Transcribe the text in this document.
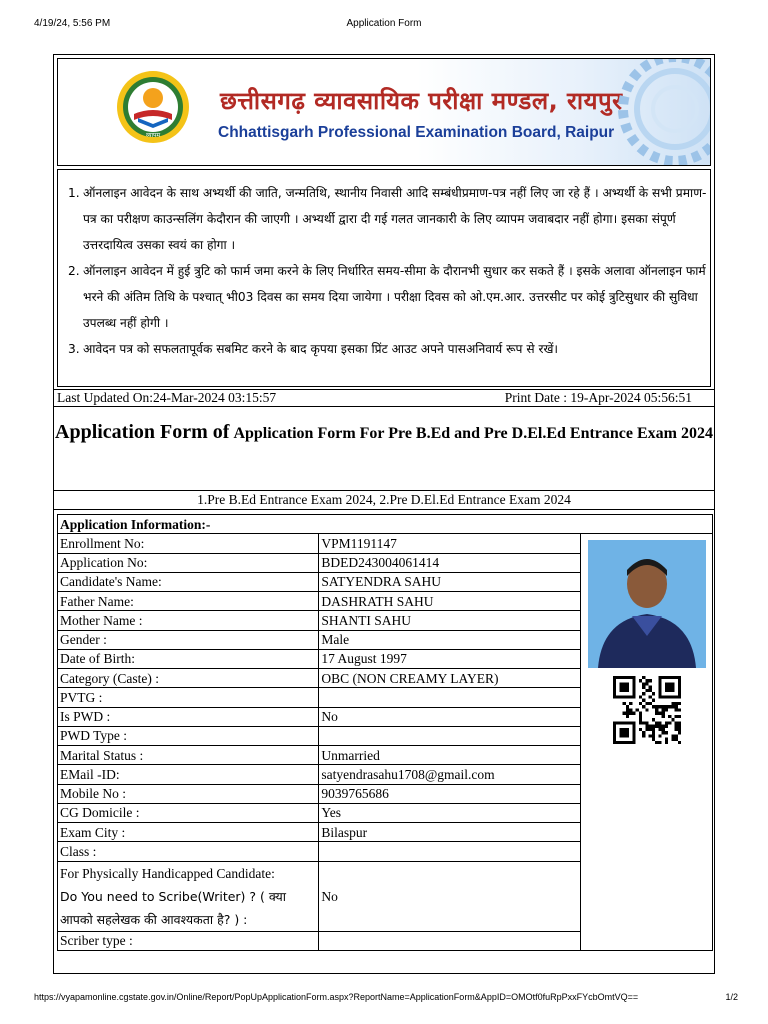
4/19/24, 5:56 PM	Application Form
व्यापम
छत्तीसगढ़ व्यावसायिक परीक्षा मण्डल, रायपुर
Chhattisgarh Professional Examination Board, Raipur
1. ऑनलाइन आवेदन के साथ अभ्यर्थी की जाति, जन्मतिथि, स्थानीय निवासी आदि सम्बंधीप्रमाण-पत्र नहीं लिए जा रहे हैं । अभ्यर्थी के सभी प्रमाण-पत्र का परीक्षण काउन्सलिंग केदौरान की जाएगी । अभ्यर्थी द्वारा दी गई गलत जानकारी के लिए व्यापम जवाबदार नहीं होगा। इसका संपूर्ण उत्तरदायित्व उसका स्वयं का होगा ।
2. ऑनलाइन आवेदन में हुई त्रुटि को फार्म जमा करने के लिए निर्धारित समय-सीमा के दौरानभी सुधार कर सकते हैं । इसके अलावा ऑनलाइन फार्म भरने की अंतिम तिथि के पश्चात् भी03 दिवस का समय दिया जायेगा । परीक्षा दिवस को ओ.एम.आर. उत्तरसीट पर कोई त्रुटिसुधार की सुविधा उपलब्ध नहीं होगी ।
3. आवेदन पत्र को सफलतापूर्वक सबमिट करने के बाद कृपया इसका प्रिंट आउट अपने पासअनिवार्य रूप से रखें।
Last Updated On:24-Mar-2024 03:15:57	Print Date : 19-Apr-2024 05:56:51
Application Form of Application Form For Pre B.Ed and Pre D.El.Ed Entrance Exam 2024
1.Pre B.Ed Entrance Exam 2024, 2.Pre D.El.Ed Entrance Exam 2024
Application Information:-		
Enrollment No:	VPM1191147	

Application No:	BDED243004061414	
Candidate's Name:	SATYENDRA SAHU	
Father Name:	DASHRATH SAHU	
Mother Name :	SHANTI SAHU	
Gender :	Male	
Date of Birth:	17 August 1997	
Category (Caste) :	OBC (NON CREAMY LAYER)	
PVTG :		
Is PWD :	No	
PWD Type :		
Marital Status :	Unmarried	
EMail -ID:	satyendrasahu1708@gmail.com	
Mobile No :	9039765686	
CG Domicile :	Yes	
Exam City :	Bilaspur	
Class :		

For Physically Handicapped Candidate:
Do You need to Scribe(Writer) ? ( क्या आपको सहलेखक की आवश्यकता है? ) :	No	
Scriber type :		
https://vyapamonline.cgstate.gov.in/Online/Report/PopUpApplicationForm.aspx?ReportName=ApplicationForm&AppID=OMOtf0fuRpPxxFYcbOmtVQ==	1/2
